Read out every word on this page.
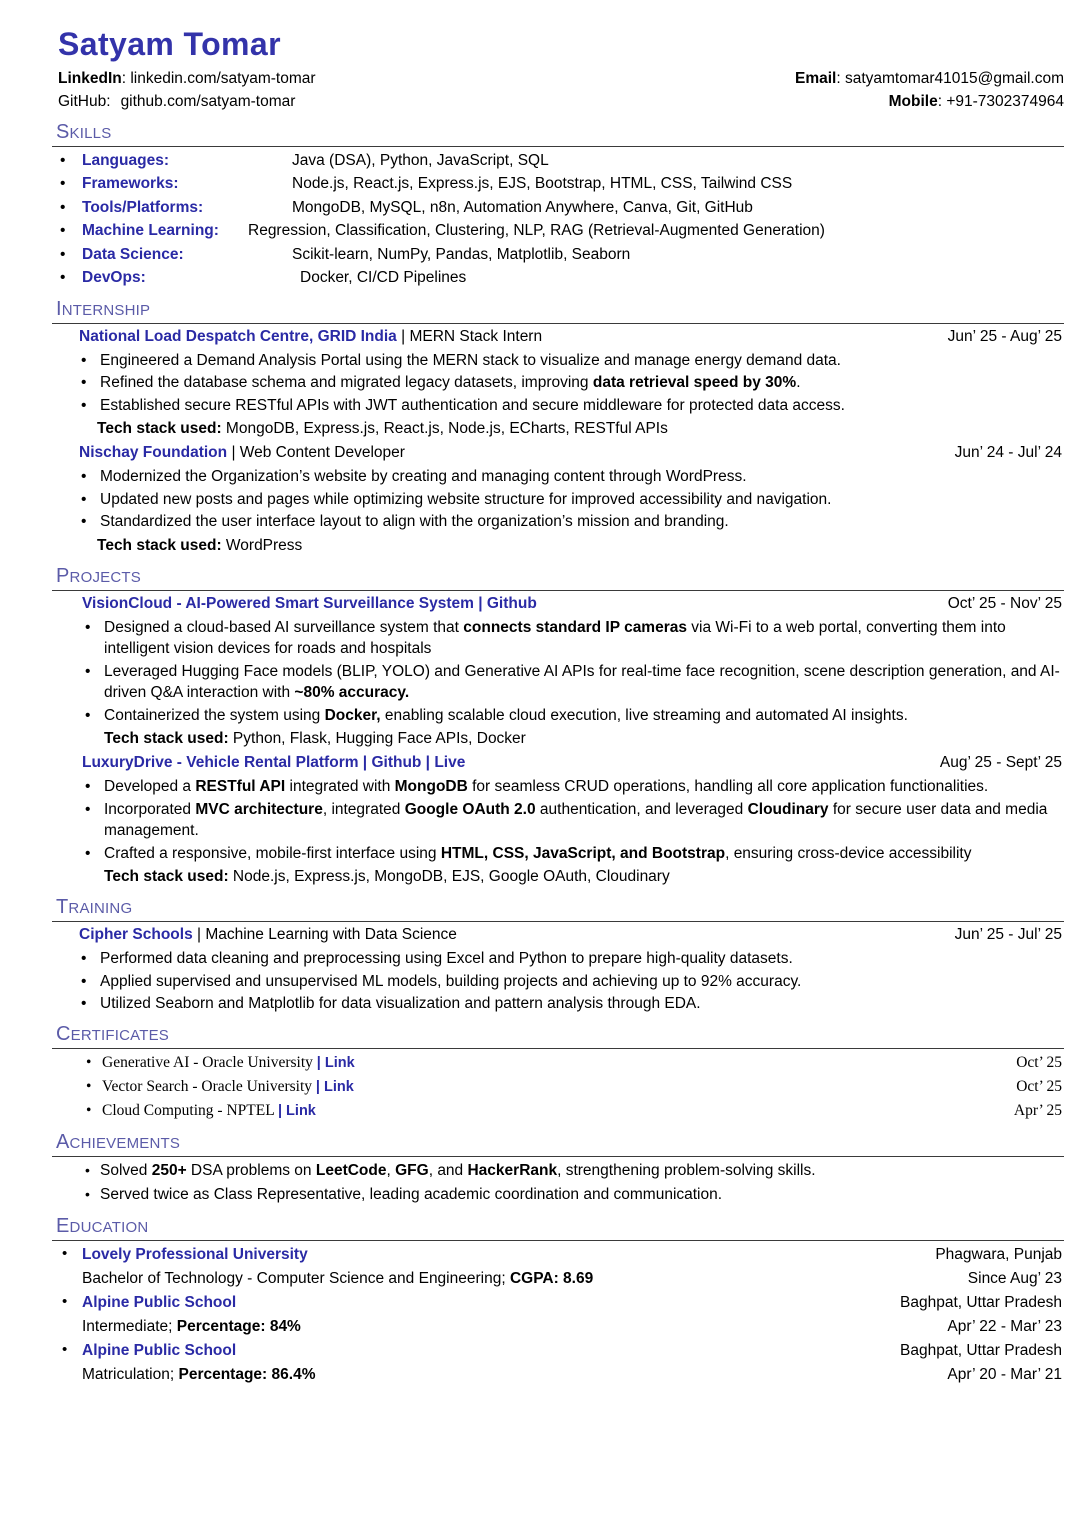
Satyam Tomar
LinkedIn: linkedin.com/satyam-tomar	Email: satyamtomar41015@gmail.com
GitHub: github.com/satyam-tomar	Mobile: +91-7302374964
SKILLS
• Languages:	Java (DSA), Python, JavaScript, SQL
• Frameworks:	Node.js, React.js, Express.js, EJS, Bootstrap, HTML, CSS, Tailwind CSS
• Tools/Platforms:	MongoDB, MySQL, n8n, Automation Anywhere, Canva, Git, GitHub
• Machine Learning: Regression, Classification, Clustering, NLP, RAG (Retrieval-Augmented Generation)
• Data Science:	Scikit-learn, NumPy, Pandas, Matplotlib, Seaborn
• DevOps:	Docker, CI/CD Pipelines
INTERNSHIP
National Load Despatch Centre, GRID India | MERN Stack Intern	Jun’ 25 - Aug’ 25
• Engineered a Demand Analysis Portal using the MERN stack to visualize and manage energy demand data.
• Refined the database schema and migrated legacy datasets, improving data retrieval speed by 30%.
• Established secure RESTful APIs with JWT authentication and secure middleware for protected data access.
Tech stack used: MongoDB, Express.js, React.js, Node.js, ECharts, RESTful APIs
Nischay Foundation | Web Content Developer	Jun’ 24 - Jul’ 24
• Modernized the Organization’s website by creating and managing content through WordPress.
• Updated new posts and pages while optimizing website structure for improved accessibility and navigation.
• Standardized the user interface layout to align with the organization’s mission and branding.
Tech stack used: WordPress
PROJECTS
VisionCloud - AI-Powered Smart Surveillance System | Github	Oct’ 25 - Nov’ 25
• Designed a cloud-based AI surveillance system that connects standard IP cameras via Wi-Fi to a web portal, converting them into intelligent vision devices for roads and hospitals
• Leveraged Hugging Face models (BLIP, YOLO) and Generative AI APIs for real-time face recognition, scene description generation, and AI-driven Q&A interaction with ~80% accuracy.
• Containerized the system using Docker, enabling scalable cloud execution, live streaming and automated AI insights.
Tech stack used: Python, Flask, Hugging Face APIs, Docker
LuxuryDrive - Vehicle Rental Platform | Github | Live	Aug’ 25 - Sept’ 25
• Developed a RESTful API integrated with MongoDB for seamless CRUD operations, handling all core application functionalities.
• Incorporated MVC architecture, integrated Google OAuth 2.0 authentication, and leveraged Cloudinary for secure user data and media management.
• Crafted a responsive, mobile-first interface using HTML, CSS, JavaScript, and Bootstrap, ensuring cross-device accessibility
Tech stack used: Node.js, Express.js, MongoDB, EJS, Google OAuth, Cloudinary
TRAINING
Cipher Schools | Machine Learning with Data Science	Jun’ 25 - Jul’ 25
• Performed data cleaning and preprocessing using Excel and Python to prepare high-quality datasets.
• Applied supervised and unsupervised ML models, building projects and achieving up to 92% accuracy.
• Utilized Seaborn and Matplotlib for data visualization and pattern analysis through EDA.
CERTIFICATES
• Generative AI - Oracle University | Link	Oct’ 25
• Vector Search - Oracle University | Link	Oct’ 25
• Cloud Computing - NPTEL | Link	Apr’ 25
ACHIEVEMENTS
• Solved 250+ DSA problems on LeetCode, GFG, and HackerRank, strengthening problem-solving skills.
• Served twice as Class Representative, leading academic coordination and communication.
EDUCATION
• Lovely Professional University	Phagwara, Punjab
Bachelor of Technology - Computer Science and Engineering; CGPA: 8.69	Since Aug’ 23
• Alpine Public School	Baghpat, Uttar Pradesh
Intermediate; Percentage: 84%	Apr’ 22 - Mar’ 23
• Alpine Public School	Baghpat, Uttar Pradesh
Matriculation; Percentage: 86.4%	Apr’ 20 - Mar’ 21
